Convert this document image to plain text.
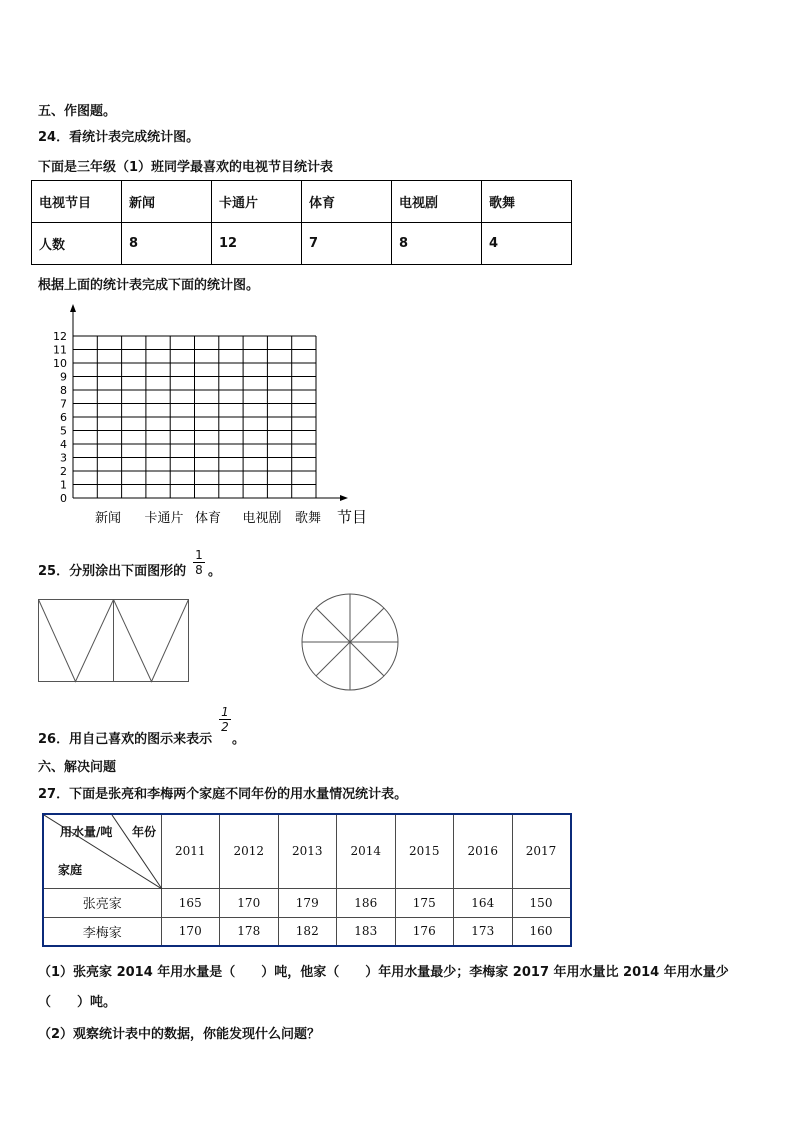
五、作图题。
24．看统计表完成统计图。
下面是三年级（1）班同学最喜欢的电视节目统计表
电视节目	新闻	卡通片	体育	电视剧	歌舞
人数	8	12	7	8	4
根据上面的统计表完成下面的统计图。
0
1
2
3
4
5
6
7
8
9
10
11
12
新闻 卡通片 体育 电视剧 歌舞 节目
25．分别涂出下面图形的
1
8 。
26．用自己喜欢的图示来表示
1
2
。
六、解决问题
27．下面是张亮和李梅两个家庭不同年份的用水量情况统计表。
用水量/吨 年份
家庭	2011	2012	2013	2014	2015	2016	2017
张亮家	165	170	179	186	175	164	150
李梅家	170	178	182	183	176	173	160
（1）张亮家 2014 年用水量是（　　）吨，他家（　　）年用水量最少；李梅家 2017 年用水量比 2014 年用水量少
（　　）吨。
（2）观察统计表中的数据，你能发现什么问题？
